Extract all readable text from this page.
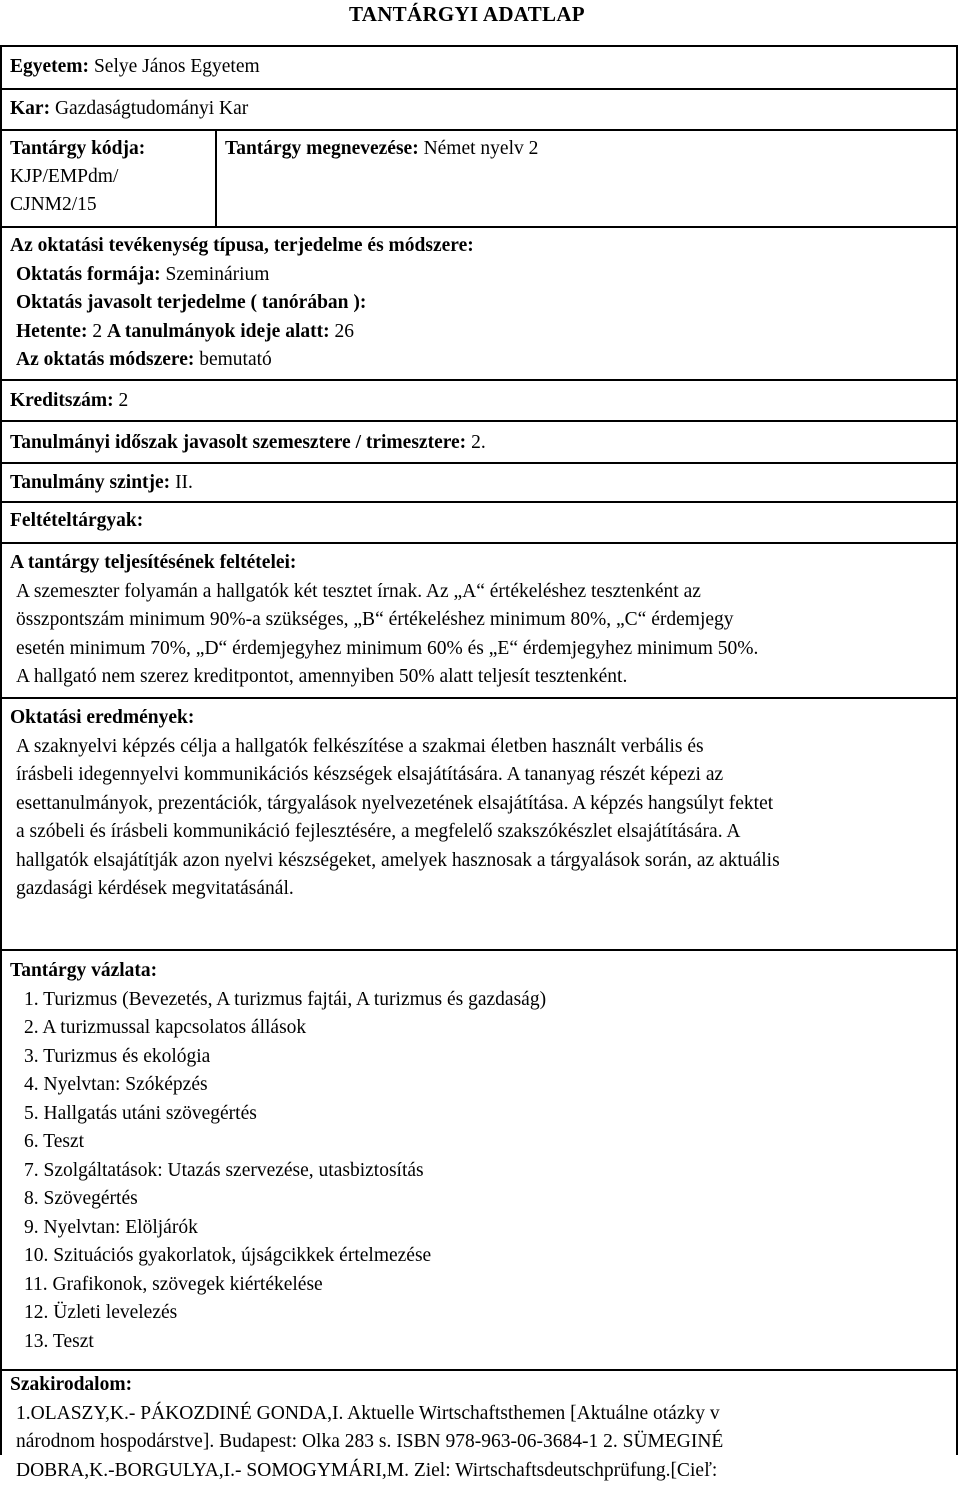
TANTÁRGYI ADATLAP
Egyetem: Selye János Egyetem
Kar: Gazdaságtudományi Kar
Tantárgy kódja:
KJP/EMPdm/
CJNM2/15
Tantárgy megnevezése: Német nyelv 2
Az oktatási tevékenység típusa, terjedelme és módszere:
Oktatás formája: Szeminárium
Oktatás javasolt terjedelme ( tanórában ):
Hetente: 2 A tanulmányok ideje alatt: 26
Az oktatás módszere: bemutató
Kreditszám: 2
Tanulmányi időszak javasolt szemesztere / trimesztere: 2.
Tanulmány szintje: II.
Feltételtárgyak:
A tantárgy teljesítésének feltételei:
A szemeszter folyamán a hallgatók két tesztet írnak. Az „A“ értékeléshez tesztenként az
összpontszám minimum 90%-a szükséges, „B“ értékeléshez minimum 80%, „C“ érdemjegy
esetén minimum 70%, „D“ érdemjegyhez minimum 60% és „E“ érdemjegyhez minimum 50%.
A hallgató nem szerez kreditpontot, amennyiben 50% alatt teljesít tesztenként.
Oktatási eredmények:
A szaknyelvi képzés célja a hallgatók felkészítése a szakmai életben használt verbális és
írásbeli idegennyelvi kommunikációs készségek elsajátítására. A tananyag részét képezi az
esettanulmányok, prezentációk, tárgyalások nyelvezetének elsajátítása. A képzés hangsúlyt fektet
a szóbeli és írásbeli kommunikáció fejlesztésére, a megfelelő szakszókészlet elsajátítására. A
hallgatók elsajátítják azon nyelvi készségeket, amelyek hasznosak a tárgyalások során, az aktuális
gazdasági kérdések megvitatásánál.
Tantárgy vázlata:
1. Turizmus (Bevezetés, A turizmus fajtái, A turizmus és gazdaság)
2. A turizmussal kapcsolatos állások
3. Turizmus és ekológia
4. Nyelvtan: Szóképzés
5. Hallgatás utáni szövegértés
6. Teszt
7. Szolgáltatások: Utazás szervezése, utasbiztosítás
8. Szövegértés
9. Nyelvtan: Elöljárók
10. Szituációs gyakorlatok, újságcikkek értelmezése
11. Grafikonok, szövegek kiértékelése
12. Üzleti levelezés
13. Teszt
Szakirodalom:
1.OLASZY,K.- PÁKOZDINÉ GONDA,I. Aktuelle Wirtschaftsthemen [Aktuálne otázky v
národnom hospodárstve]. Budapest: Olka 283 s. ISBN 978-963-06-3684-1 2. SÜMEGINÉ
DOBRA,K.-BORGULYA,I.- SOMOGYMÁRI,M. Ziel: Wirtschaftsdeutschprüfung.[Cieľ:
